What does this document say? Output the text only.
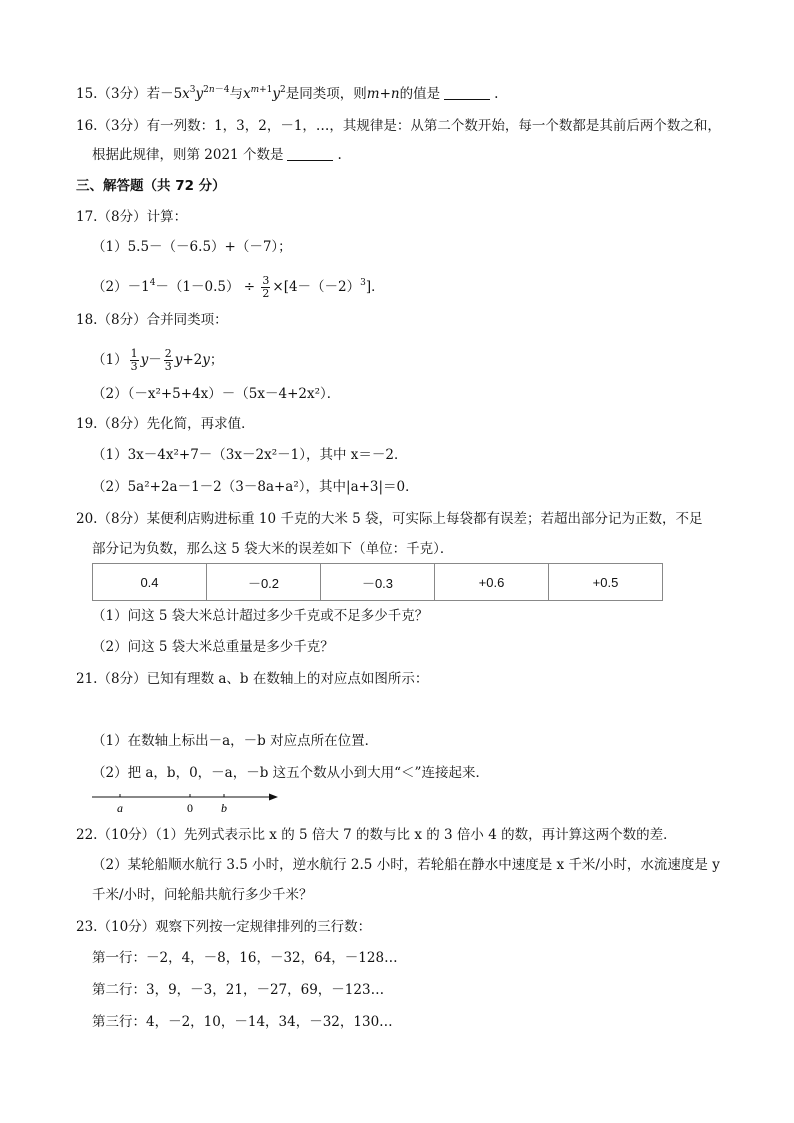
15.（3分）若$-5x^3y^{2n-4}$与$x^{m+1}y^2$是同类项，则m+n的值是	.
16.（3分）有一列数：1，3，2，－1，…，其规律是：从第二个数开始，每一个数都是其前后两个数之和，
根据此规律，则第 2021 个数是	.
三、解答题（共 72 分）
17.（8分）计算：
（1）5.5－（－6.5）+（－7）；
$(2)-1^4-(1-0.5) \div \frac{3}{2} \times[4-(-2)^3]$．
18.（8分）合并同类项：
$(1) \frac{1}{3} y- \frac{2}{3} y+2y$；
（2）（－x²+5+4x）－（5x－4+2x²）．
19.（8分）先化简，再求值．
（1）3x－4x²+7－（3x－2x²－1），其中 x＝－2．
（2）5a²+2a－1－2（3－8a+a²），其中|a+3|＝0．
20.（8分）某便利店购进标重 10 千克的大米 5 袋，可实际上每袋都有误差；若超出部分记为正数，不足
部分记为负数，那么这 5 袋大米的误差如下（单位：千克）．
0.4	－0.2	－0.3	+0.6	+0.5
（1）问这 5 袋大米总计超过多少千克或不足多少千克？
（2）问这 5 袋大米总重量是多少千克？
21.（8分）已知有理数 a、b 在数轴上的对应点如图所示：
（1）在数轴上标出－a，－b 对应点所在位置．
（2）把 a，b，0，－a，－b 这五个数从小到大用“＜”连接起来．
a	0 b
22.（10分）（1）先列式表示比 x 的 5 倍大 7 的数与比 x 的 3 倍小 4 的数，再计算这两个数的差．
（2）某轮船顺水航行 3.5 小时，逆水航行 2.5 小时，若轮船在静水中速度是 x 千米/小时，水流速度是 y
千米/小时，问轮船共航行多少千米？
23.（10分）观察下列按一定规律排列的三行数：
第一行：－2，4，－8，16，－32，64，－128…
第二行：3，9，－3，21，－27，69，－123…
第三行：4，－2，10，－14，34，－32，130…
